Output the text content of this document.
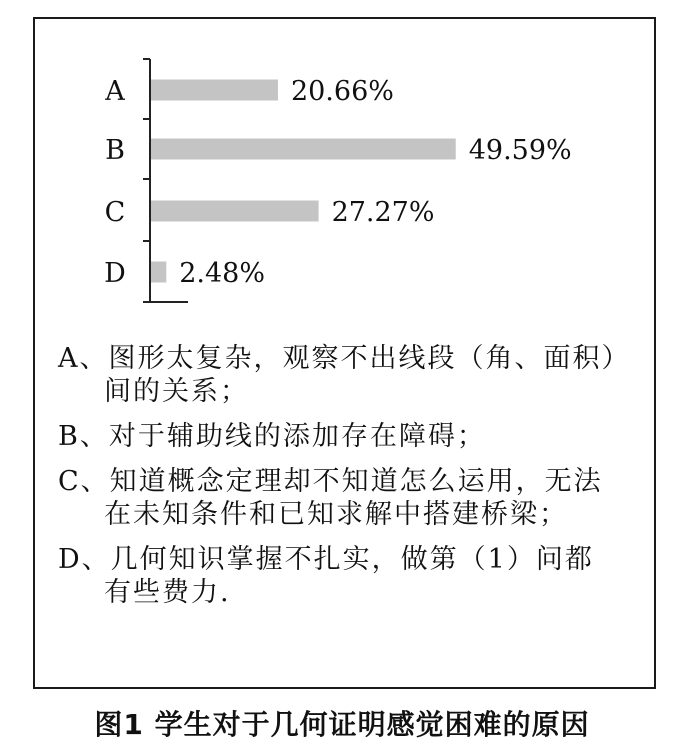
A	20.66%
B	49.59%
C	27.27%
D 2.48%
A、图形太复杂，观察不出线段（角、面积）
间的关系；
B、对于辅助线的添加存在障碍；
C、知道概念定理却不知道怎么运用，无法
在未知条件和已知求解中搭建桥梁；
D、几何知识掌握不扎实，做第（1）问都
有些费力.
图1 学生对于几何证明感觉困难的原因
